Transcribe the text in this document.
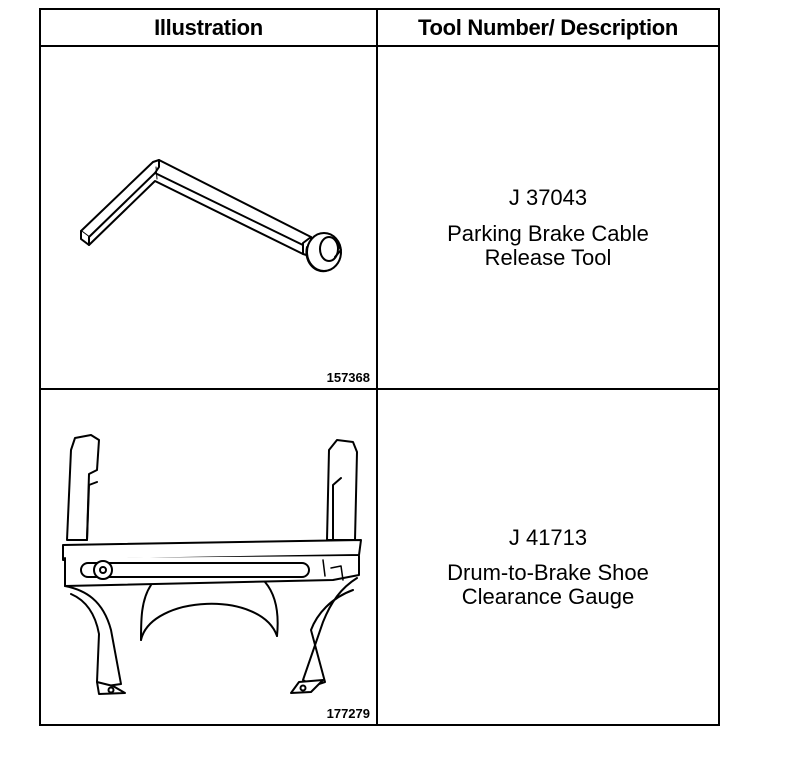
Illustration	Tool Number/ Description
157368
J 37043
Parking Brake Cable
Release Tool
177279
J 41713
Drum-to-Brake Shoe
Clearance Gauge
